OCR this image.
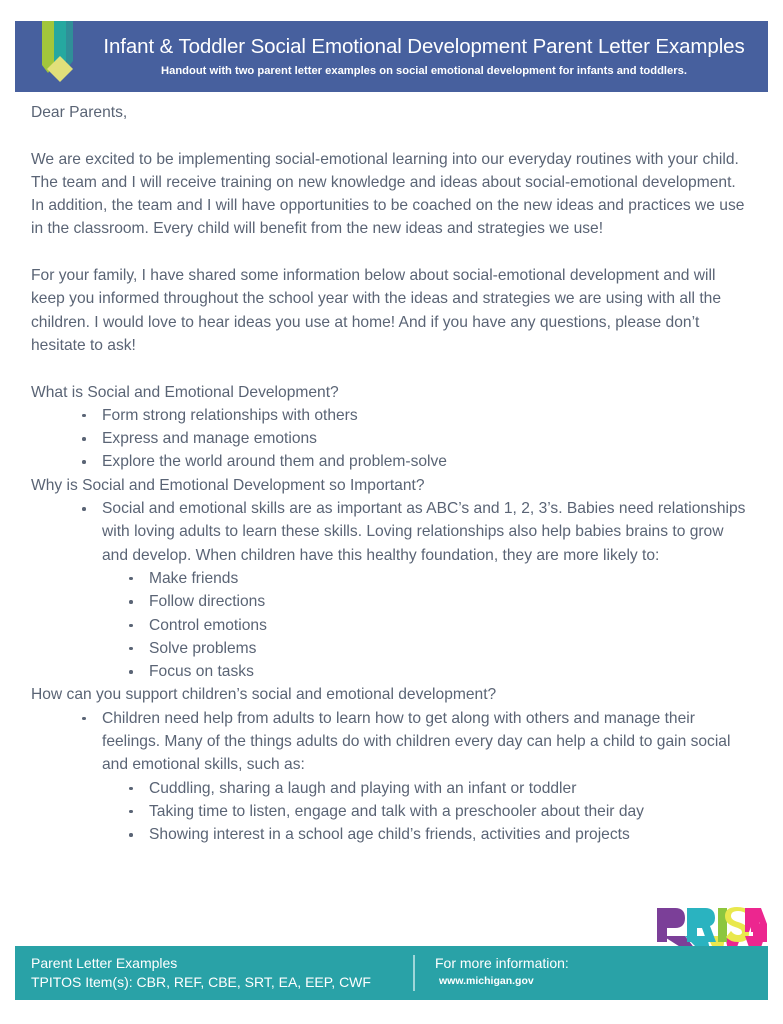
Infant & Toddler Social Emotional Development Parent Letter Examples
Handout with two parent letter examples on social emotional development for infants and toddlers.

Dear Parents,

We are excited to be implementing social-emotional learning into our everyday routines with your child. The team and I will receive training on new knowledge and ideas about social-emotional development. In addition, the team and I will have opportunities to be coached on the new ideas and practices we use in the classroom. Every child will benefit from the new ideas and strategies we use!

For your family, I have shared some information below about social-emotional development and will keep you informed throughout the school year with the ideas and strategies we are using with all the children. I would love to hear ideas you use at home! And if you have any questions, please don’t hesitate to ask!

What is Social and Emotional Development?

Form strong relationships with others
Express and manage emotions
Explore the world around them and problem-solve

Why is Social and Emotional Development so Important?

Social and emotional skills are as important as ABC’s and 1, 2, 3’s. Babies need relationships with loving adults to learn these skills. Loving relationships also help babies brains to grow and develop. When children have this healthy foundation, they are more likely to:
Make friends
Follow directions
Control emotions
Solve problems
Focus on tasks

How can you support children’s social and emotional development?

Children need help from adults to learn how to get along with others and manage their feelings. Many of the things adults do with children every day can help a child to gain social and emotional skills, such as:
Cuddling, sharing a laugh and playing with an infant or toddler
Taking time to listen, engage and talk with a preschooler about their day
Showing interest in a school age child’s friends, activities and projects
Parent Letter Examples
TPITOS Item(s): CBR, REF, CBE, SRT, EA, EEP, CWF
For more information:
www.michigan.gov
